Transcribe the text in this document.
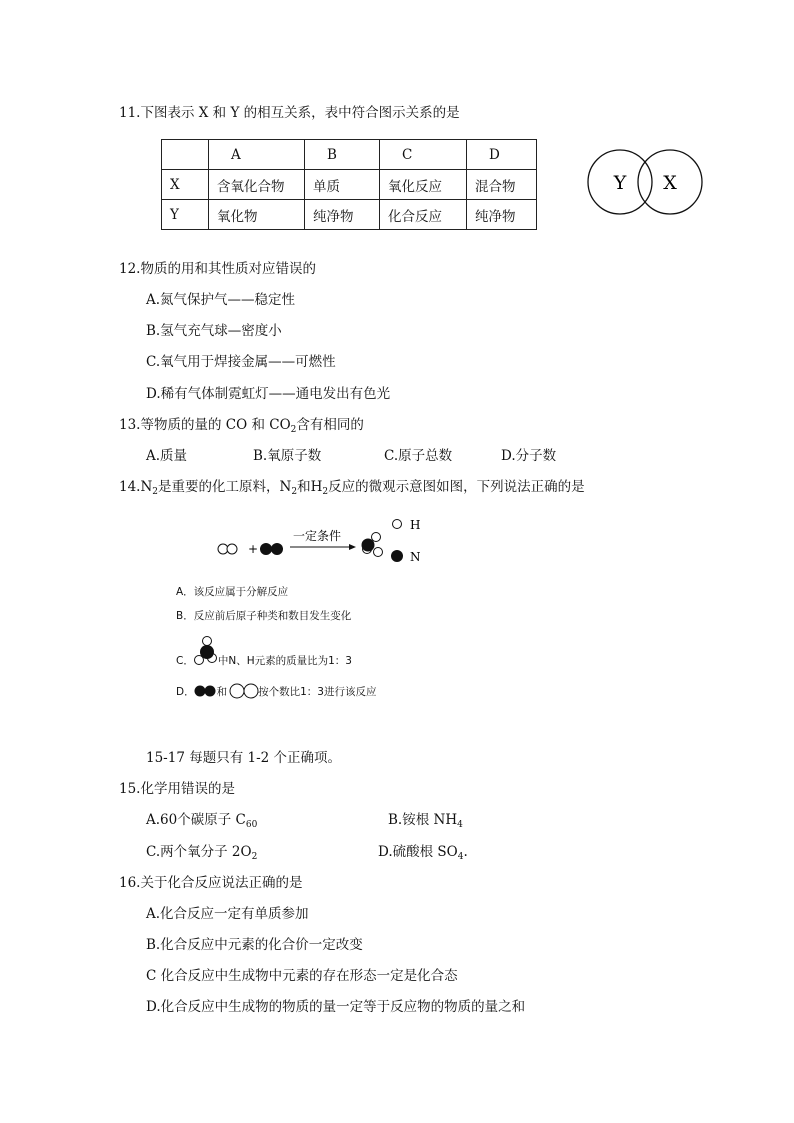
11.下图表示 X 和 Y 的相互关系，表中符合图示关系的是
	A	B	C	D
X	含氧化合物	单质	氧化反应	混合物
Y	氧化物	纯净物	化合反应	纯净物
Y X
12.物质的用和其性质对应错误的
A.氮气保护气——稳定性
B.氢气充气球—密度小
C.氧气用于焊接金属——可燃性
D.稀有气体制霓虹灯——通电发出有色光
13.等物质的量的 CO 和 $CO_2$含有相同的
A.质量	B.氧原子数	C.原子总数	D.分子数
$14.N_2$是重要的化工原料，$N_2$和$H_2$反应的微观示意图如图，下列说法正确的是
+
一定条件
H
N
A．该反应属于分解反应
B．反应前后原子种类和数目发生变化
C． 中N、H元素的质量比为1：3
D． 和	按个数比1：3进行该反应
15-17 每题只有 1-2 个正确项。
15.化学用错误的是
A.60个碳原子 $C_{60}$	B.铵根 $NH_4$
C.两个氧分子 $2O_2$	D.硫酸根 $SO_4$.
16.关于化合反应说法正确的是
A.化合反应一定有单质参加
B.化合反应中元素的化合价一定改变
C 化合反应中生成物中元素的存在形态一定是化合态
D.化合反应中生成物的物质的量一定等于反应物的物质的量之和
